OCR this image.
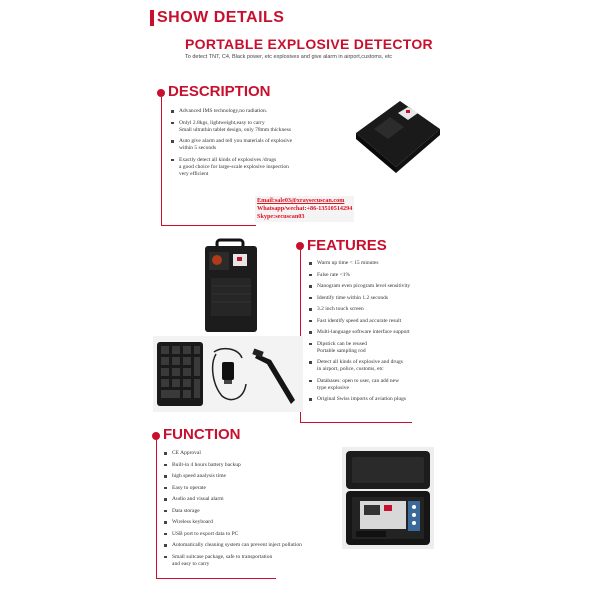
SHOW DETAILS
PORTABLE EXPLOSIVE DETECTOR
To detect TNT, C4, Black power, etc explosives and give alarm in airport,customs, etc
DESCRIPTION
Advanced IMS technology,no radiation.
Onlyl 2.8kgs, lightweight,easy to carry
Small ultrathin tablet design, only 78mm thickness
Auto give alarm and tell you materials of explosive
within 5 seconds
Exactly detect all kinds of explosives /drugs
a good choice for large-scale explosive inspection
very efficient
Email:sale03@xraysecuscan.com
Whatsapp/wechat:+86-13510514294
Skype:secuscan03
FEATURES
Warm up time < 15 minutes
False rate <1%
Nanogram even picogram level sensitivity
Identify time within 1.2 seconds
3.2 inch touch screen
Fast identify speed and accurate result
Multi-language software interface support
Dipstick can be reused
Portable sampling rod
Detect all kinds of explosive and drugs
in airport, police, customs, etc
Databases: open to user, can add new
type explosive
Original Swiss imports of aviation plugs
FUNCTION
CE Approval
Built-in 4 hours battery backup
high speed analysis time
Easy to operate
Audio and visual alarm
Data storage
Wireless keyboard
USB port to export data to PC
Automatically cleaning system can prevent inject pollution
Small suitcase package, safe to transportation
and easy to carry
